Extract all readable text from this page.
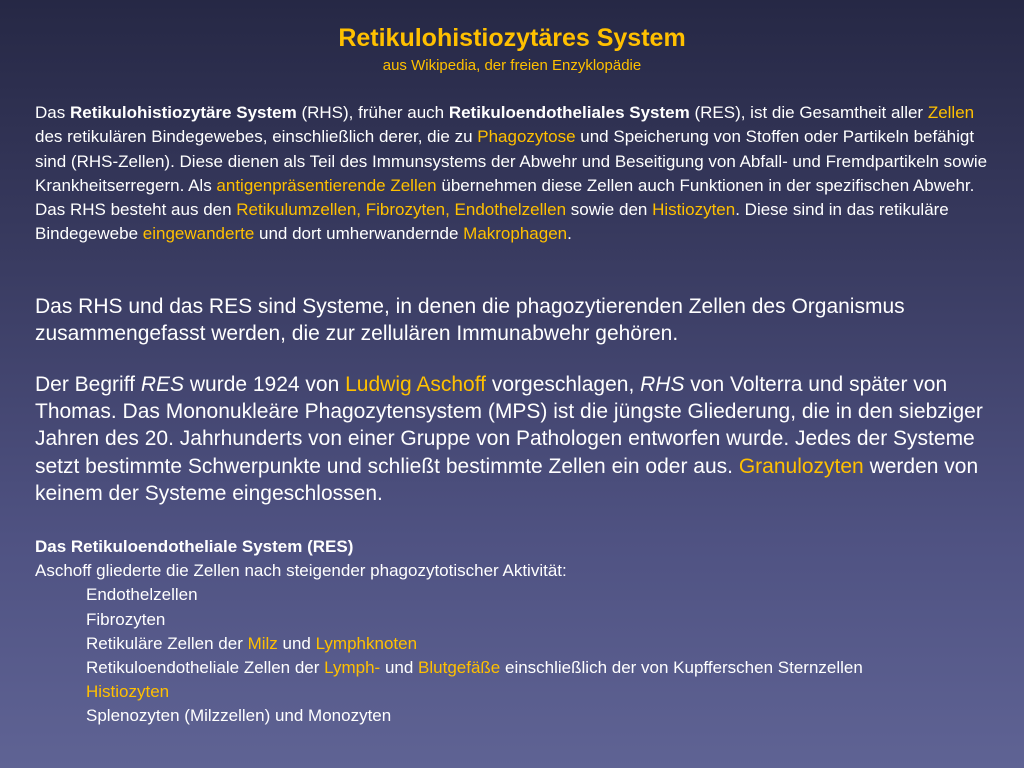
Retikulohistiozytäres System
aus Wikipedia, der freien Enzyklopädie
Das Retikulohistiozytäre System (RHS), früher auch Retikuloendotheliales System (RES), ist die Gesamtheit aller Zellen des retikulären Bindegewebes, einschließlich derer, die zu Phagozytose und Speicherung von Stoffen oder Partikeln befähigt sind (RHS-Zellen). Diese dienen als Teil des Immunsystems der Abwehr und Beseitigung von Abfall- und Fremdpartikeln sowie Krankheitserregern. Als antigenpräsentierende Zellen übernehmen diese Zellen auch Funktionen in der spezifischen Abwehr.
Das RHS besteht aus den Retikulumzellen, Fibrozyten, Endothelzellen sowie den Histiozyten. Diese sind in das retikuläre Bindegewebe eingewanderte und dort umherwandernde Makrophagen.
Das RHS und das RES sind Systeme, in denen die phagozytierenden Zellen des Organismus zusammengefasst werden, die zur zellulären Immunabwehr gehören.
Der Begriff RES wurde 1924 von Ludwig Aschoff vorgeschlagen, RHS von Volterra und später von Thomas. Das Mononukleäre Phagozytensystem (MPS) ist die jüngste Gliederung, die in den siebziger Jahren des 20. Jahrhunderts von einer Gruppe von Pathologen entworfen wurde. Jedes der Systeme setzt bestimmte Schwerpunkte und schließt bestimmte Zellen ein oder aus. Granulozyten werden von keinem der Systeme eingeschlossen.
Das Retikuloendotheliale System (RES)
Aschoff gliederte die Zellen nach steigender phagozytotischer Aktivität:
Endothelzellen
Fibrozyten
Retikuläre Zellen der Milz und Lymphknoten
Retikuloendotheliale Zellen der Lymph- und Blutgefäße einschließlich der von Kupfferschen Sternzellen
Histiozyten
Splenozyten (Milzzellen) und Monozyten
